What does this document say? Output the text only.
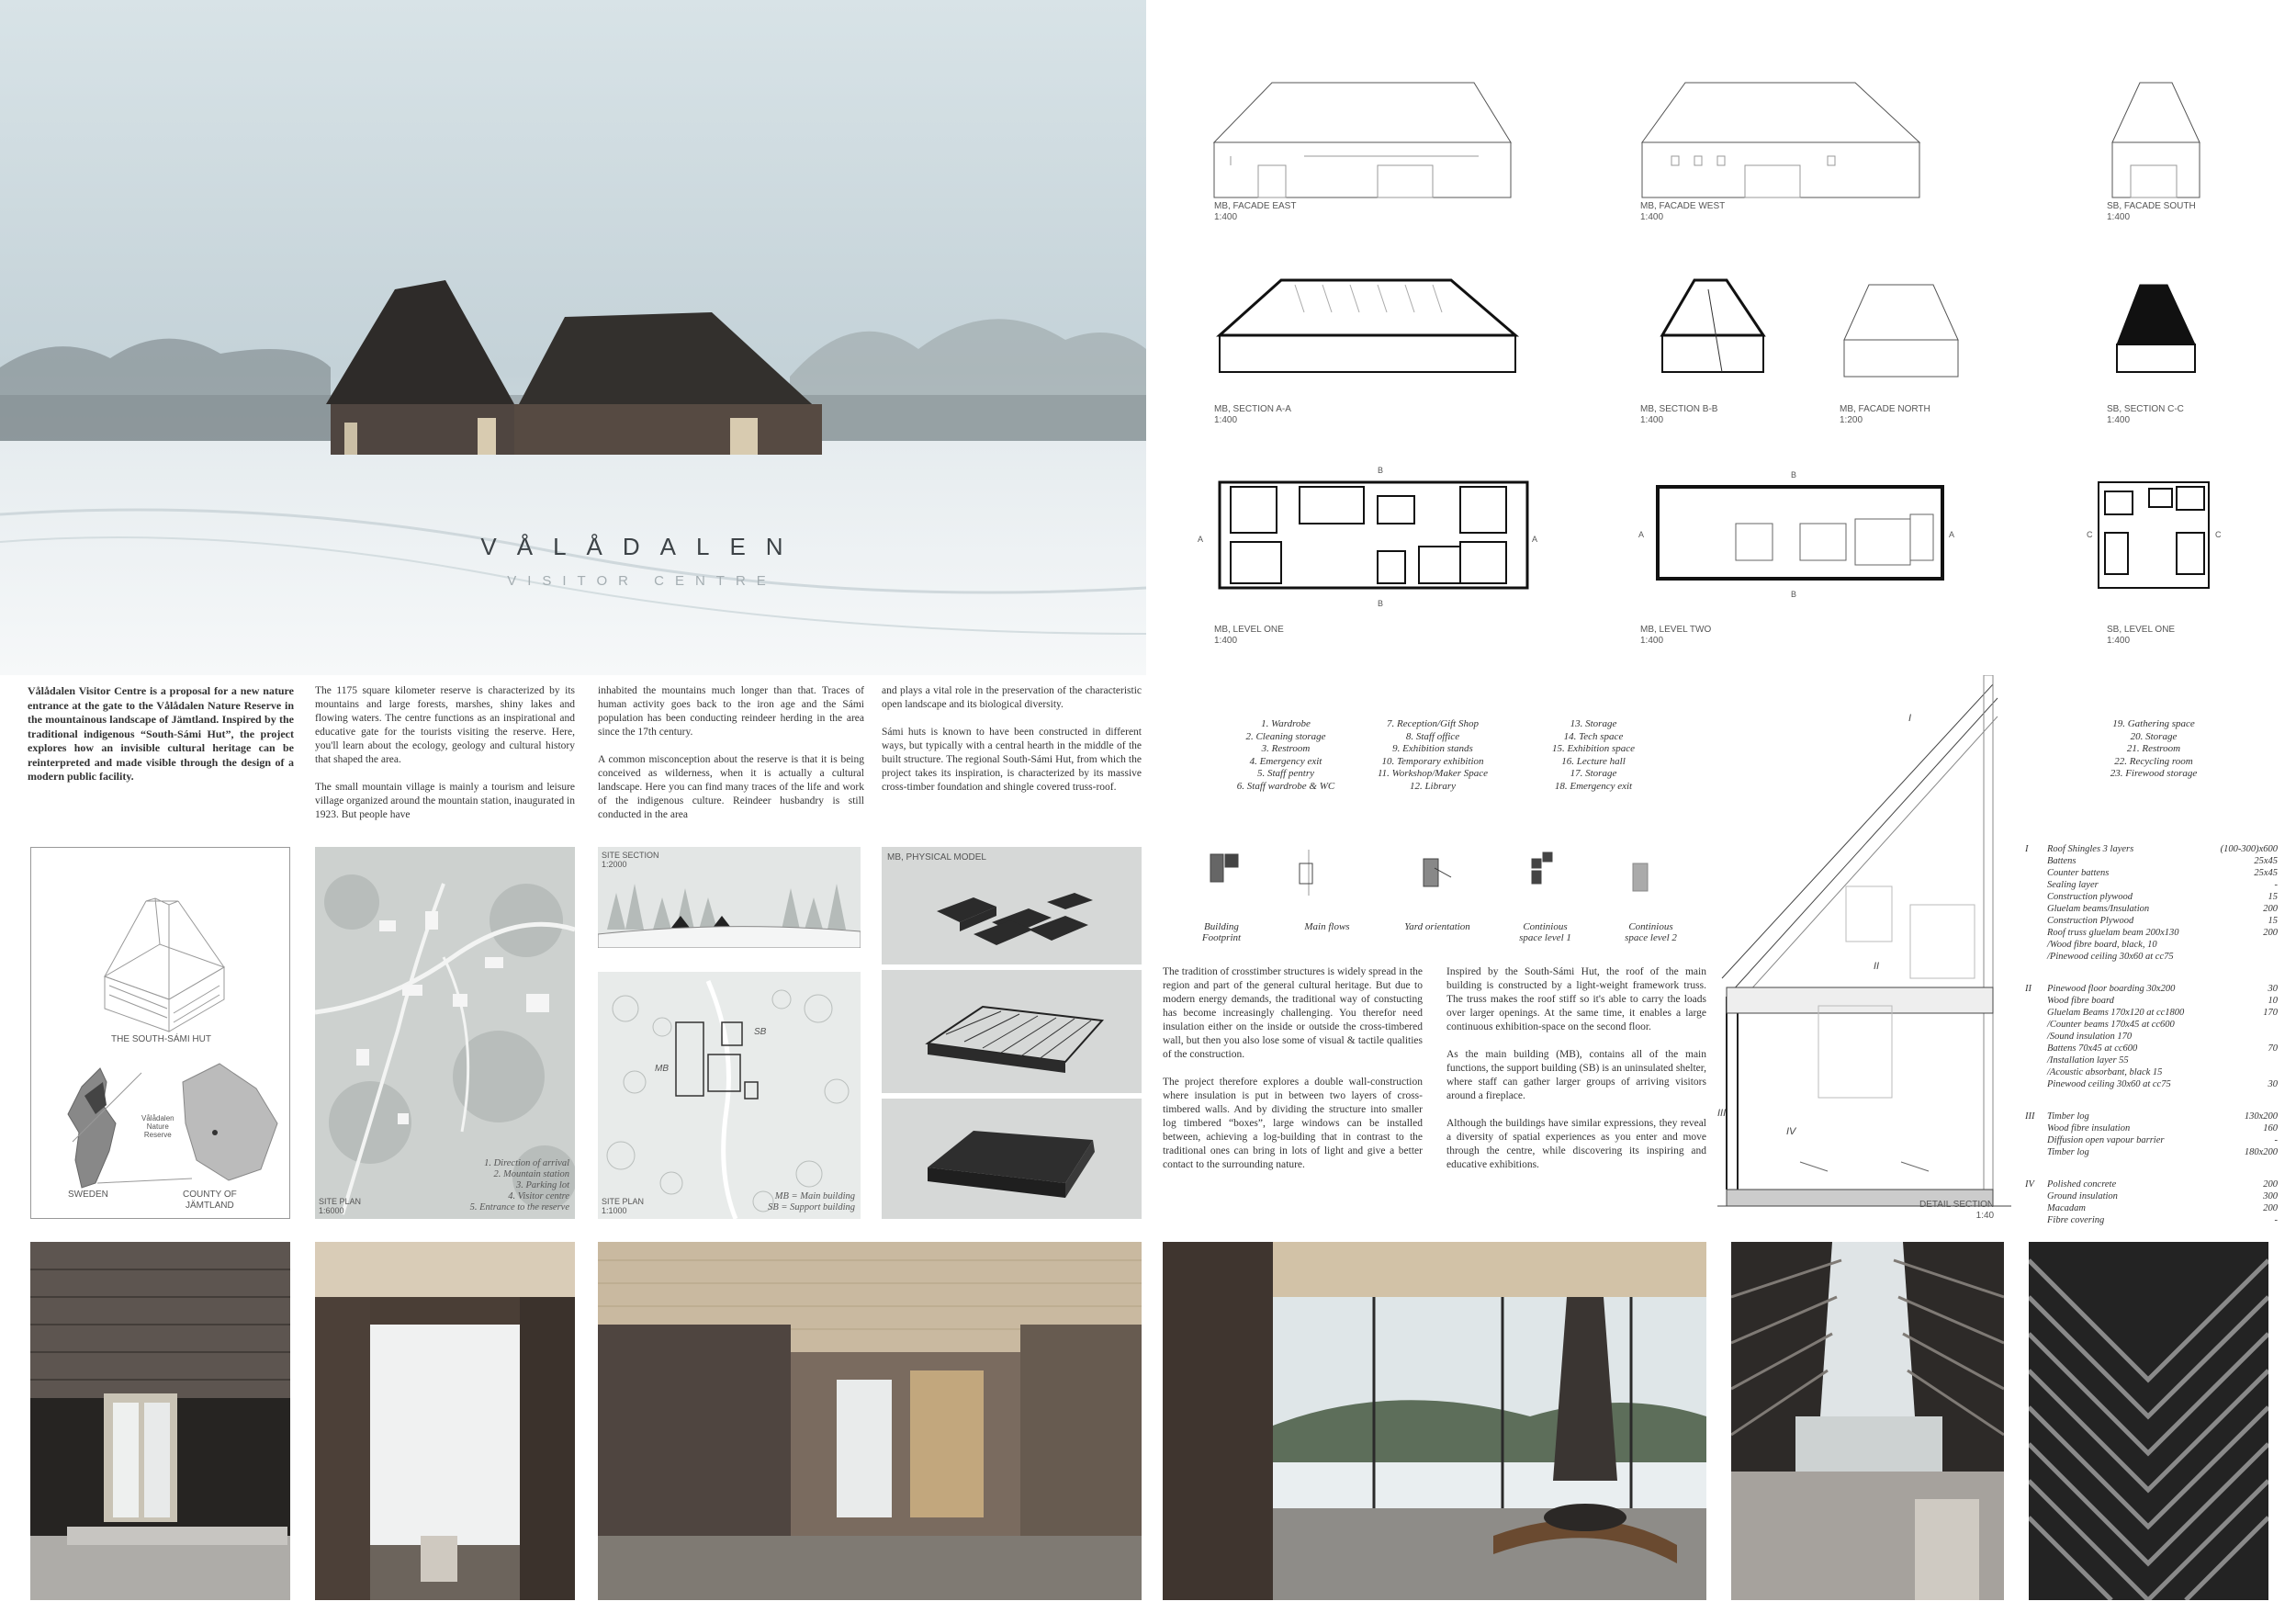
VÅLÅDALEN
VISITOR CENTRE
Vålådalen Visitor Centre is a proposal for a new nature entrance at the gate to the Vålådalen Nature Reserve in the mountainous landscape of Jämtland. Inspired by the traditional indigenous “South-Sámi Hut”, the project explores how an invisible cultural heritage can be reinterpreted and made visible through the design of a modern public facility.
The 1175 square kilometer reserve is characterized by its mountains and large forests, marshes, shiny lakes and flowing waters. The centre functions as an inspirational and educative gate for the tourists visiting the reserve. Here, you'll learn about the ecology, geology and cultural history that shaped the area.

The small mountain village is mainly a tourism and leisure village organized around the mountain station, inaugurated in 1923. But people have
inhabited the mountains much longer than that. Traces of human activity goes back to the iron age and the Sámi population has been conducting reindeer herding in the area since the 17th century.

A common misconception about the reserve is that it is being conceived as wilderness, when it is actually a cultural landscape. Here you can find many traces of the life and work of the indigenous culture. Reindeer husbandry is still conducted in the area
and plays a vital role in the preservation of the characteristic open landscape and its biological diversity.

Sámi huts is known to have been constructed in different ways, but typically with a central hearth in the middle of the built structure. The regional South-Sámi Hut, from which the project takes its inspiration, is characterized by its massive cross-timber foundation and shingle covered truss-roof.
THE SOUTH-SÁMI HUT
SWEDEN	COUNTY OF
JÄMTLAND
Vålådalen
Nature
Reserve
1. Direction of arrival
2. Mountain station
3. Parking lot
4. Visitor centre
5. Entrance to the reserve
SITE PLAN
1:6000
SITE SECTION
1:2000
MB
SB
MB = Main building
SB = Support building
SITE PLAN
1:1000
MB, PHYSICAL MODEL
A	A	A	A
B
B
B
B
C	C
MB, FACADE EAST
1:400
MB, FACADE WEST
1:400
SB, FACADE SOUTH
1:400
MB, SECTION A-A
1:400
MB, SECTION B-B
1:400
MB, FACADE NORTH
1:200
SB, SECTION C-C
1:400
MB, LEVEL ONE
1:400
MB, LEVEL TWO
1:400
SB, LEVEL ONE
1:400
1. Wardrobe
2. Cleaning storage
3. Restroom
4. Emergency exit
5. Staff pentry
6. Staff wardrobe & WC
7. Reception/Gift Shop
8. Staff office
9. Exhibition stands
10. Temporary exhibition
11. Workshop/Maker Space
12. Library
13. Storage
14. Tech space
15. Exhibition space
16. Lecture hall
17. Storage
18. Emergency exit
19. Gathering space
20. Storage
21. Restroom
22. Recycling room
23. Firewood storage
Building
Footprint
Main flows	Yard orientation	Continious
space level 1
Continious
space level 2
The tradition of crosstimber structures is widely spread in the region and part of the general cultural heritage. But due to modern energy demands, the traditional way of constucting has become increasingly challenging. You therefor need insulation either on the inside or outside the cross-timbered wall, but then you also lose some of visual & tactile qualities of the construction.

The project therefore explores a double wall-construction where insulation is put in between two layers of cross-timbered walls. And by dividing the structure into smaller log timbered “boxes”, large windows can be installed between, achieving a log-building that in contrast to the traditional ones can bring in lots of light and give a better contact to the surrounding nature.
Inspired by the South-Sámi Hut, the roof of the main building is constructed by a light-weight framework truss. The truss makes the roof stiff so it's able to carry the loads over larger openings. At the same time, it enables a large continuous exhibition-space on the second floor.

As the main building (MB), contains all of the main functions, the support building (SB) is an uninsulated shelter, where staff can gather larger groups of arriving visitors around a fireplace.

Although the buildings have similar expressions, they reveal a diversity of spatial experiences as you enter and move through the centre, while discovering its inspiring and educative exhibitions.
I
II
III
IV
DETAIL SECTION
1:40
I	Roof Shingles 3 layers	(100-300)x600
Battens	25x45
Counter battens	25x45
Sealing layer	-
Construction plywood	15
Gluelam beams/Insulation	200
Construction Plywood	15
Roof truss gluelam beam 200x130	200
/Wood fibre board, black, 10
/Pinewood ceiling 30x60 at cc75
II	Pinewood floor boarding 30x200	30
Wood fibre board	10
Gluelam Beams 170x120 at cc1800	170
/Counter beams 170x45 at cc600
/Sound insulation 170
Battens 70x45 at cc600	70
/Installation layer 55
/Acoustic absorbant, black 15
Pinewood ceiling 30x60 at cc75	30
III	Timber log	130x200
Wood fibre insulation	160
Diffusion open vapour barrier	-
Timber log	180x200
IV	Polished concrete	200
Ground insulation	300
Macadam	200
Fibre covering	-
